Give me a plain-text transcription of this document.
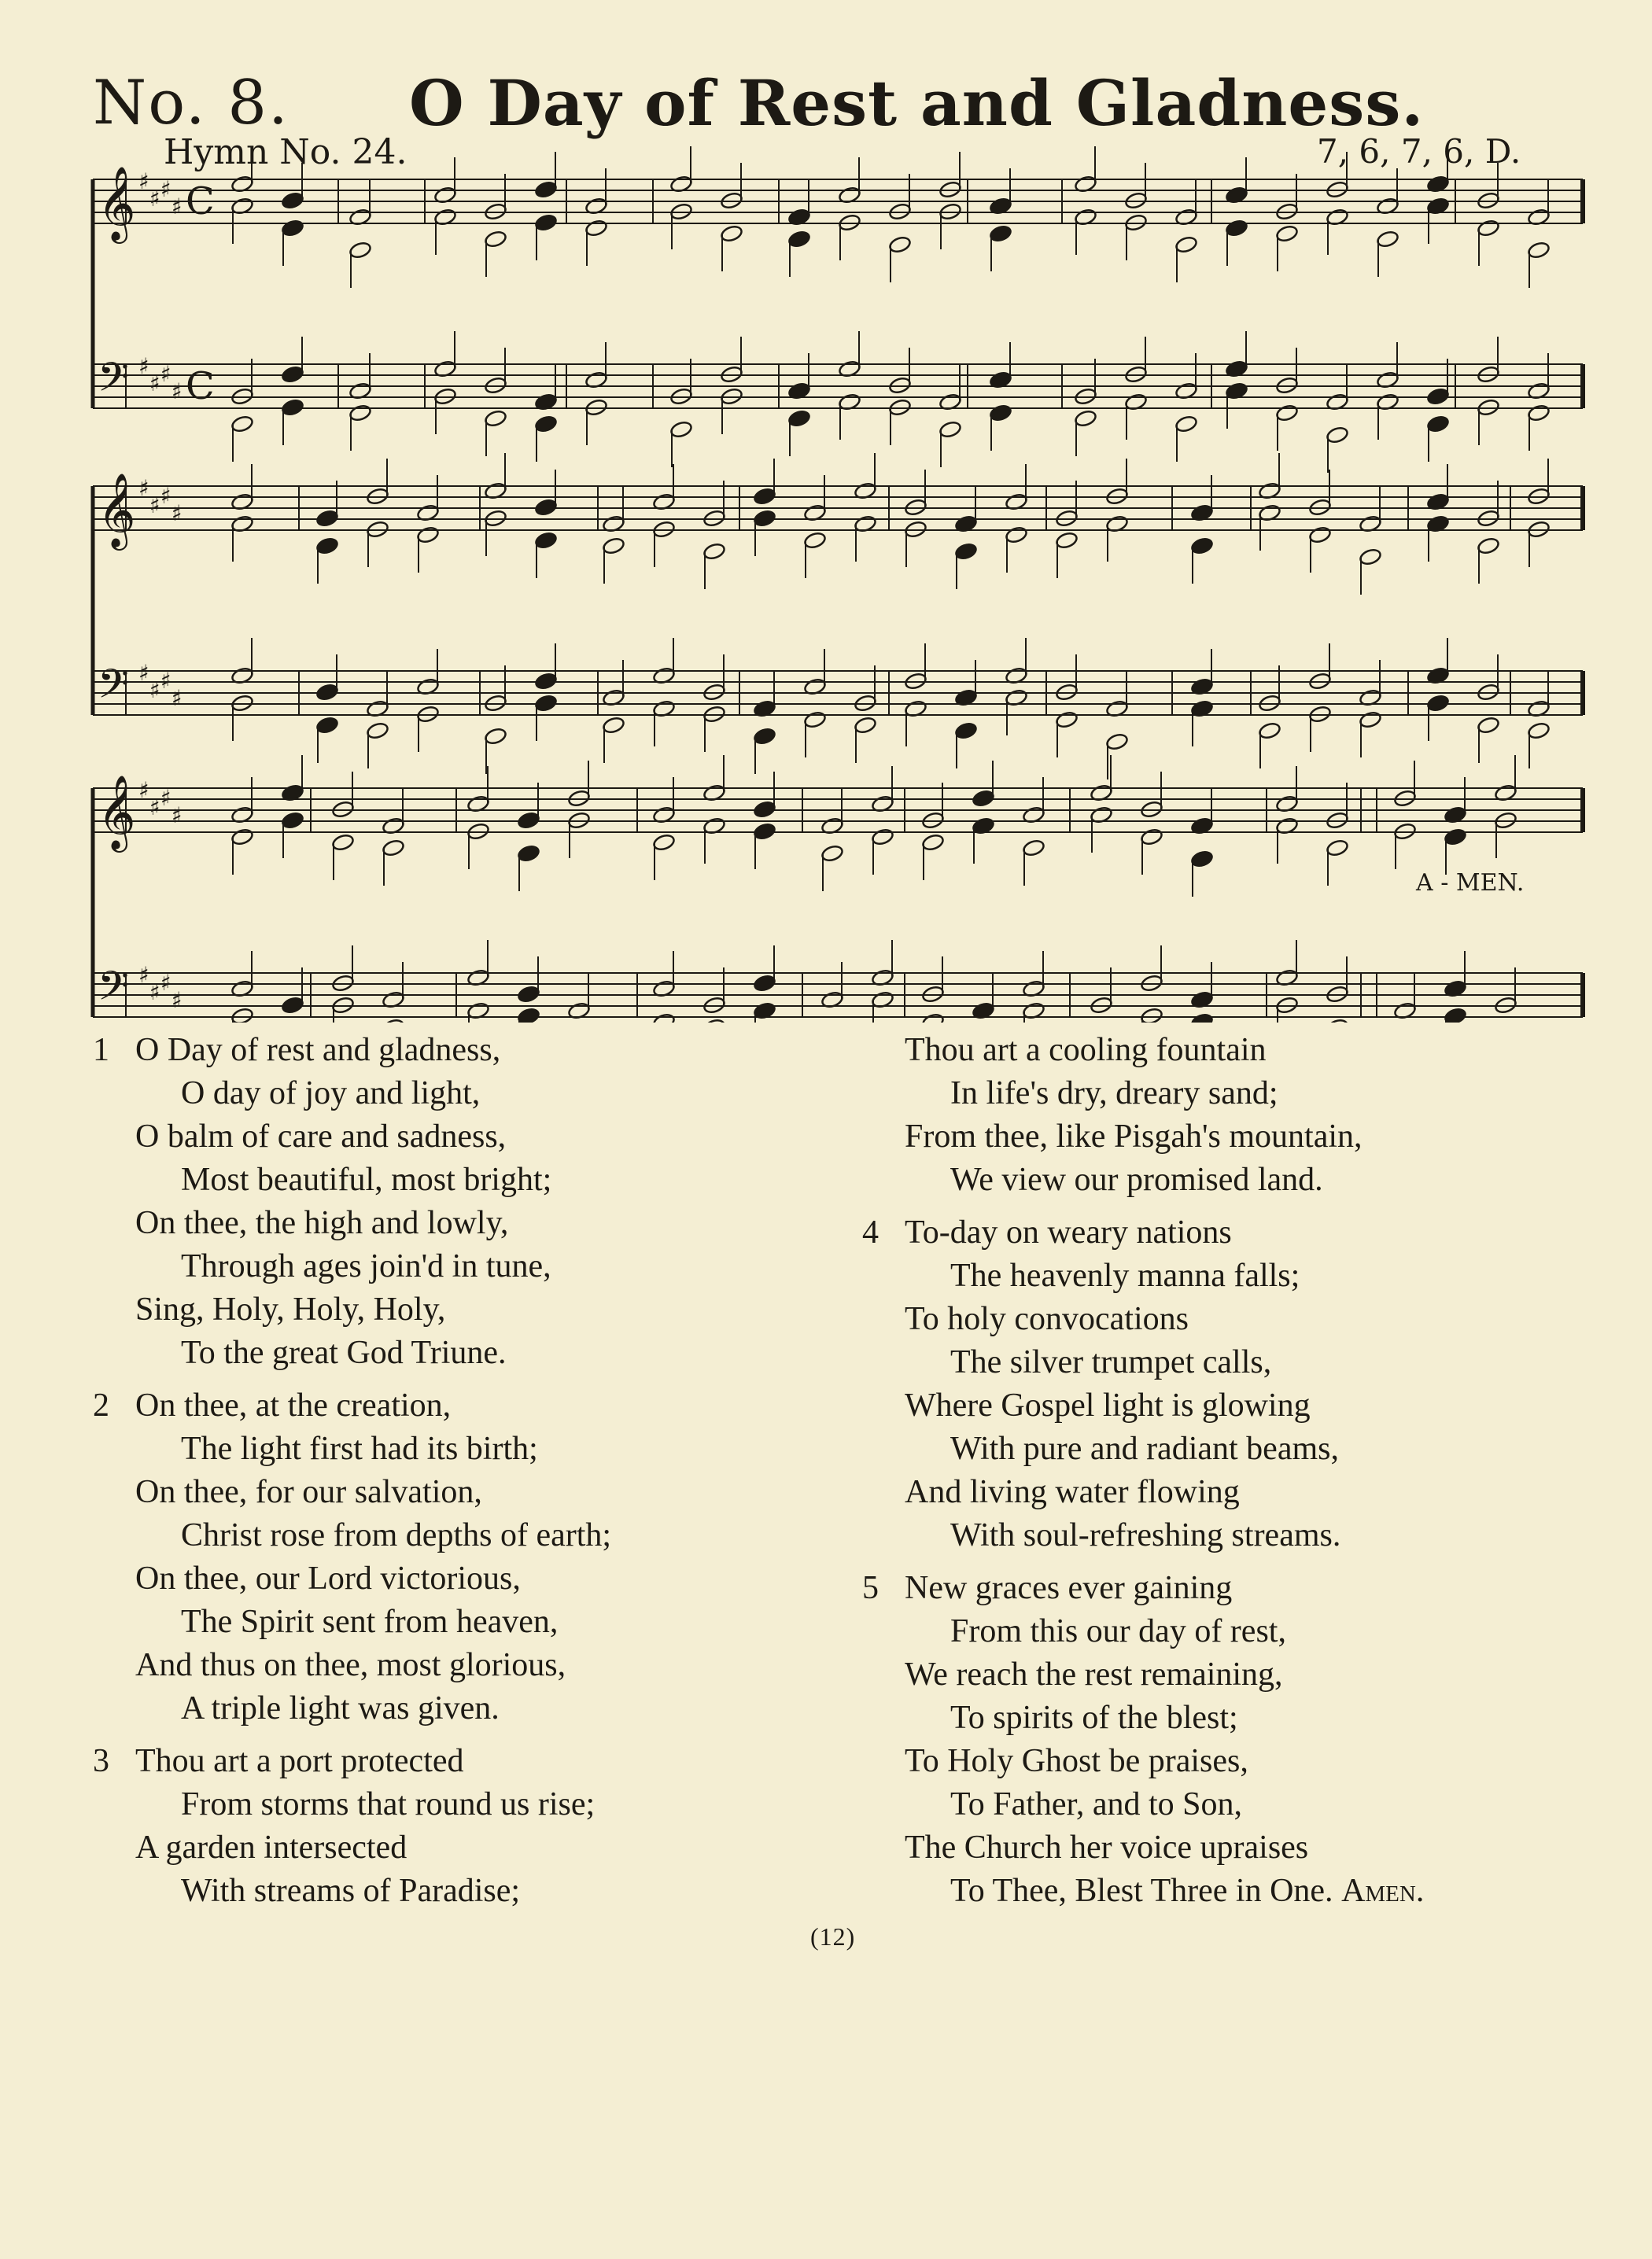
No. 8. O Day of Rest and Gladness.
Hymn No. 24.	7, 6, 7, 6, D.
𝄞 ♯
♯ ♯
♯ C
𝄢 ♯
♯ ♯
♯ C
𝄞 ♯
♯ ♯
♯
𝄢 ♯
♯ ♯
♯
𝄞 ♯
♯ ♯
♯
𝄢 ♯
♯ ♯
♯
A - MEN.
1 O Day of rest and gladness,
O day of joy and light,
O balm of care and sadness,
Most beautiful, most bright;
On thee, the high and lowly,
Through ages join'd in tune,
Sing, Holy, Holy, Holy,
To the great God Triune.
2 On thee, at the creation,
The light first had its birth;
On thee, for our salvation,
Christ rose from depths of earth;
On thee, our Lord victorious,
The Spirit sent from heaven,
And thus on thee, most glorious,
A triple light was given.
3 Thou art a port protected
From storms that round us rise;
A garden intersected
With streams of Paradise;
Thou art a cooling fountain
In life's dry, dreary sand;
From thee, like Pisgah's mountain,
We view our promised land.
4 To-day on weary nations
The heavenly manna falls;
To holy convocations
The silver trumpet calls,
Where Gospel light is glowing
With pure and radiant beams,
And living water flowing
With soul-refreshing streams.
5 New graces ever gaining
From this our day of rest,
We reach the rest remaining,
To spirits of the blest;
To Holy Ghost be praises,
To Father, and to Son,
The Church her voice upraises
To Thee, Blest Three in One. Amen.
(12)
